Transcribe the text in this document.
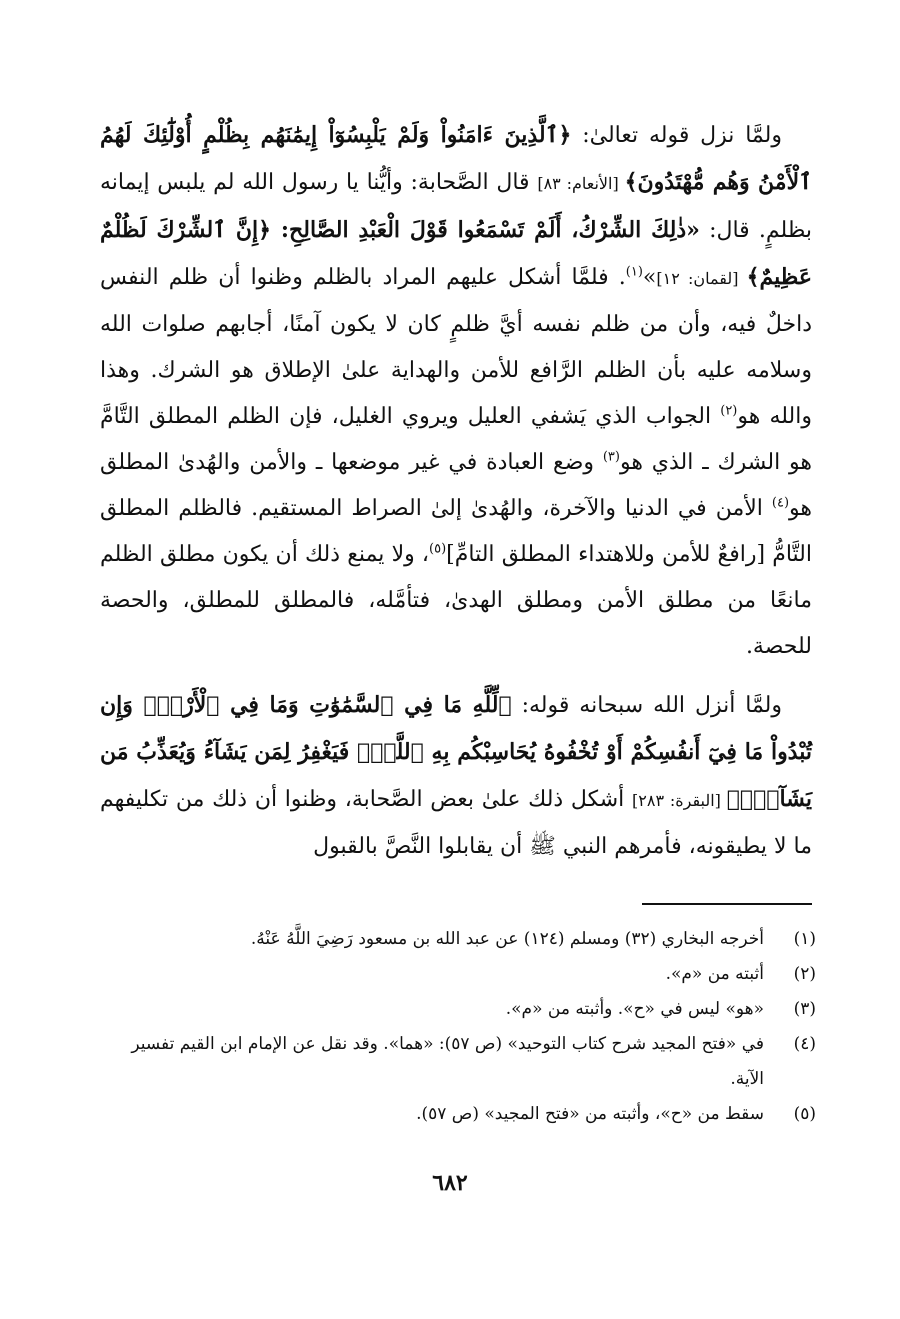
ولمَّا نزل قوله تعالىٰ: ﴿ٱلَّذِينَ ءَامَنُواْ وَلَمْ يَلْبِسُوٓاْ إِيمَٰنَهُم بِظُلْمٍ أُوْلَٰٓئِكَ لَهُمُ ٱلْأَمْنُ وَهُم مُّهْتَدُونَ﴾ [الأنعام: ٨٣] قال الصَّحابة: وأيُّنا يا رسول الله لم يلبس إيمانه بظلمٍ. قال: «ذٰلِكَ الشِّرْكُ، أَلَمْ تَسْمَعُوا قَوْلَ الْعَبْدِ الصَّالِحِ: ﴿إِنَّ ٱلشِّرْكَ لَظُلْمٌ عَظِيمٌ﴾ [لقمان: ١٢]»$^{(١)}$. فلمَّا أشكل عليهم المراد بالظلم وظنوا أن ظلم النفس داخلٌ فيه، وأن من ظلم نفسه أيَّ ظلمٍ كان لا يكون آمنًا، أجابهم صلوات الله وسلامه عليه بأن الظلم الرَّافع للأمن والهداية علىٰ الإطلاق هو الشرك. وهذا والله هو$^{(٢)}$ الجواب الذي يَشفي العليل ويروي الغليل، فإن الظلم المطلق التَّامَّ هو الشرك ـ الذي هو$^{(٣)}$ وضع العبادة في غير موضعها ـ والأمن والهُدىٰ المطلق هو$^{(٤)}$ الأمن في الدنيا والآخرة، والهُدىٰ إلىٰ الصراط المستقيم. فالظلم المطلق التَّامُّ [رافعٌ للأمن وللاهتداء المطلق التامِّ]$^{(٥)}$، ولا يمنع ذلك أن يكون مطلق الظلم مانعًا من مطلق الأمن ومطلق الهدىٰ، فتأمَّله، فالمطلق للمطلق، والحصة للحصة.

ولمَّا أنزل الله سبحانه قوله: ﴿لِّلَّهِ مَا فِي ٱلسَّمَٰوَٰتِ وَمَا فِي ٱلْأَرْضِۗ وَإِن تُبْدُواْ مَا فِيٓ أَنفُسِكُمْ أَوْ تُخْفُوهُ يُحَاسِبْكُم بِهِ ٱللَّهُۖ فَيَغْفِرُ لِمَن يَشَآءُ وَيُعَذِّبُ مَن يَشَآءُۗ﴾ [البقرة: ٢٨٣] أشكل ذلك علىٰ بعض الصَّحابة، وظنوا أن ذلك من تكليفهم ما لا يطيقونه، فأمرهم النبي ﷺ أن يقابلوا النَّصَّ بالقبول

(١)
أخرجه البخاري (٣٢) ومسلم (١٢٤) عن عبد الله بن مسعود رَضِيَ اللَّهُ عَنْهُ.
(٢)
أثبته من «م».
(٣)
«هو» ليس في «ح». وأثبته من «م».
(٤)
في «فتح المجيد شرح كتاب التوحيد» (ص ٥٧): «هما». وقد نقل عن الإمام ابن القيم تفسير الآية.
(٥)
سقط من «ح»، وأثبته من «فتح المجيد» (ص ٥٧).
٦٨٢
